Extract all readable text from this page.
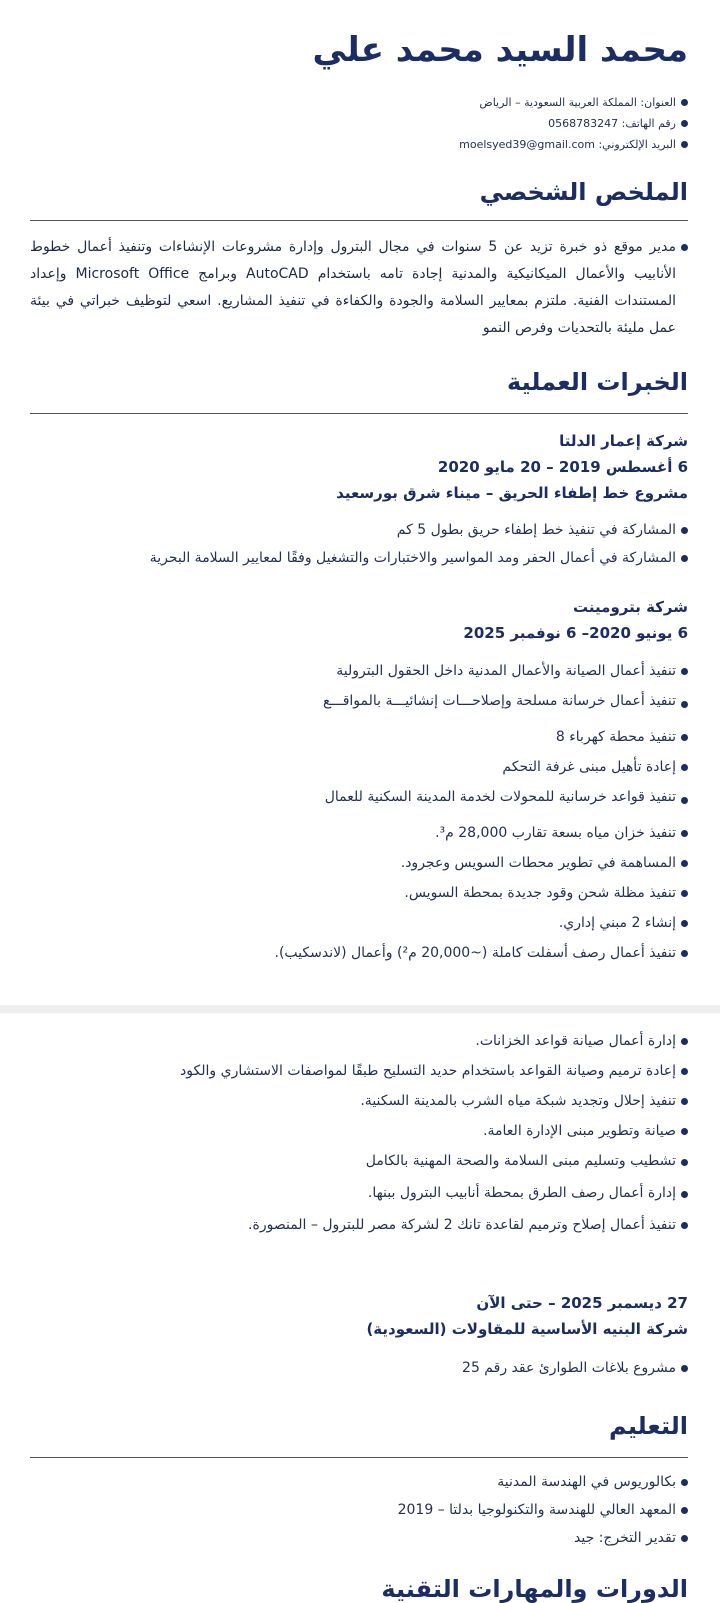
محمد السيد محمد علي
العنوان: المملكة العربية السعودية – الرياض
رقم الهاتف: 0568783247
البريد الإلكتروني: moelsyed39@gmail.com
الملخص الشخصي
مدير موقع ذو خبرة تزيد عن 5 سنوات في مجال البترول وإدارة مشروعات الإنشاءات وتنفيذ أعمال خطوط الأنابيب والأعمال الميكانيكية والمدنية إجادة تامه باستخدام AutoCAD وبرامج Microsoft Office وإعداد المستندات الفنية. ملتزم بمعايير السلامة والجودة والكفاءة في تنفيذ المشاريع. اسعي لتوظيف خبراتي في بيئة عمل مليئة بالتحديات وفرص النمو
الخبرات العملية
شركة إعمار الدلتا
6 أغسطس 2019 – 20 مايو 2020
مشروع خط إطفاء الحريق – ميناء شرق بورسعيد
المشاركة في تنفيذ خط إطفاء حريق بطول 5 كم
المشاركة في أعمال الحفر ومد المواسير والاختبارات والتشغيل وفقًا لمعايير السلامة البحرية
شركة بترومينت
6 يونيو 2020– 6 نوفمبر 2025
تنفيذ أعمال الصيانة والأعمال المدنية داخل الحقول البترولية
تنفيذ أعمال خرسانة مسلحة وإصلاحـــات إنشائيـــة بالمواقـــع
تنفيذ محطة كهرباء 8
إعادة تأهيل مبنى غرفة التحكم
تنفيذ قواعد خرسانية للمحولات لخدمة المدينة السكنية للعمال
تنفيذ خزان مياه بسعة تقارب 28,000 م³.
المساهمة في تطوير محطات السويس وعجرود.
تنفيذ مظلة شحن وقود جديدة بمحطة السويس.
إنشاء 2 مبني إداري.
تنفيذ أعمال رصف أسفلت كاملة (~20,000 م²) وأعمال (لاندسكيب).
إدارة أعمال صيانة قواعد الخزانات.
إعادة ترميم وصيانة القواعد باستخدام حديد التسليح طبقًا لمواصفات الاستشاري والكود
تنفيذ إحلال وتجديد شبكة مياه الشرب بالمدينة السكنية.
صيانة وتطوير مبنى الإدارة العامة.
تشطيب وتسليم مبنى السلامة والصحة المهنية بالكامل
إدارة أعمال رصف الطرق بمحطة أنابيب البترول ببنها.
تنفيذ أعمال إصلاح وترميم لقاعدة تانك 2 لشركة مصر للبترول – المنصورة.
27 ديسمبر 2025 – حتى الآن
شركة البنيه الأساسية للمقاولات (السعودية)
مشروع بلاغات الطوارئ عقد رقم 25
التعليم
بكالوريوس في الهندسة المدنية
المعهد العالي للهندسة والتكنولوجيا بدلتا – 2019
تقدير التخرج: جيد
الدورات والمهارات التقنية
